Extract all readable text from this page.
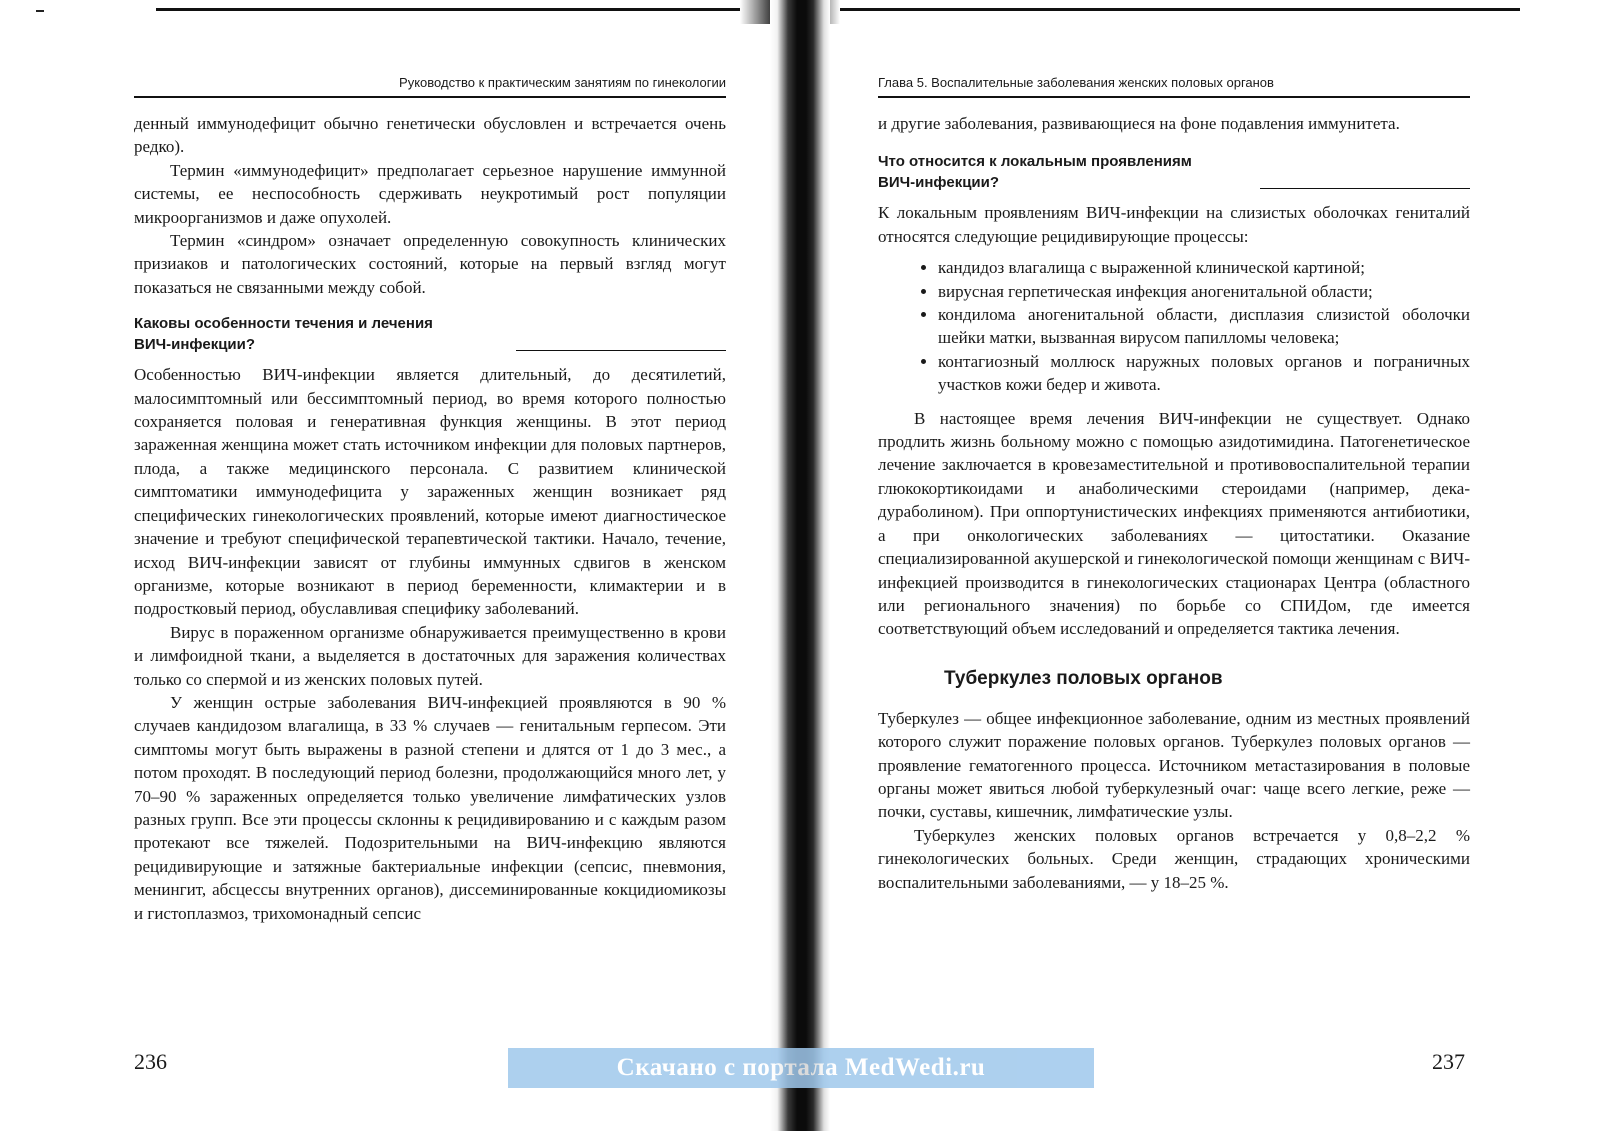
Руководство к практическим занятиям по гинекологии

денный иммунодефицит обычно генетически обусловлен и встречается очень редко).

Термин «иммунодефицит» предполагает серьезное нарушение иммунной системы, ее неспособность сдерживать неукротимый рост популяции микроорганизмов и даже опухолей.

Термин «синдром» означает определенную совокупность клинических призиаков и патологических состояний, которые на первый взгляд могут показаться не связанными между собой.

Каковы особенности течения и лечения
ВИЧ-инфекции?

Особенностью ВИЧ-инфекции является длительный, до десятилетий, малосимптомный или бессимптомный период, во время которого полностью сохраняется половая и генеративная функция женщины. В этот период зараженная женщина может стать источником инфекции для половых партнеров, плода, а также медицинского персонала. С развитием клинической симптоматики иммунодефицита у зараженных женщин возникает ряд специфических гинекологических проявлений, которые имеют диагностическое значение и требуют специфической терапевтической тактики. Начало, течение, исход ВИЧ-инфекции зависят от глубины иммунных сдвигов в женском организме, которые возникают в период беременности, климактерии и в подростковый период, обуславливая специфику заболеваний.

Вирус в пораженном организме обнаруживается преимущественно в крови и лимфоидной ткани, а выделяется в достаточных для заражения количествах только со спермой и из женских половых путей.

У женщин острые заболевания ВИЧ-инфекцией проявляются в 90 % случаев кандидозом влагалища, в 33 % случаев — генитальным герпесом. Эти симптомы могут быть выражены в разной степени и длятся от 1 до 3 мес., а потом проходят. В последующий период болезни, продолжающийся много лет, у 70–90 % зараженных определяется только увеличение лимфатических узлов разных групп. Все эти процессы склонны к рецидивированию и с каждым разом протекают все тяжелей. Подозрительными на ВИЧ-инфекцию являются рецидивирующие и затяжные бактериальные инфекции (сепсис, пневмония, менингит, абсцессы внутренних органов), диссеминированные кокцидиомикозы и гистоплазмоз, трихомонадный сепсис

236
Глава 5. Воспалительные заболевания женских половых органов

и другие заболевания, развивающиеся на фоне подавления иммунитета.

Что относится к локальным проявлениям
ВИЧ-инфекции?

К локальным проявлениям ВИЧ-инфекции на слизистых оболочках гениталий относятся следующие рецидивирующие процессы:

• кандидоз влагалища с выраженной клинической картиной;
• вирусная герпетическая инфекция аногенитальной области;
• кондилома аногенитальной области, дисплазия слизистой оболочки шейки матки, вызванная вирусом папилломы человека;
• контагиозный моллюск наружных половых органов и пограничных участков кожи бедер и живота.

В настоящее время лечения ВИЧ-инфекции не существует. Однако продлить жизнь больному можно с помощью азидотимидина. Патогенетическое лечение заключается в кровезаместительной и противовоспалительной терапии глюкокортикоидами и анаболическими стероидами (например, дека-дураболином). При оппортунистических инфекциях применяются антибиотики, а при онкологических заболеваниях — цитостатики. Оказание специализированной акушерской и гинекологической помощи женщинам с ВИЧ-инфекцией производится в гинекологических стационарах Центра (областного или регионального значения) по борьбе со СПИДом, где имеется соответствующий объем исследований и определяется тактика лечения.

Туберкулез половых органов

Туберкулез — общее инфекционное заболевание, одним из местных проявлений которого служит поражение половых органов. Туберкулез половых органов — проявление гематогенного процесса. Источником метастазирования в половые органы может явиться любой туберкулезный очаг: чаще всего легкие, реже — почки, суставы, кишечник, лимфатические узлы.

Туберкулез женских половых органов встречается у 0,8–2,2 % гинекологических больных. Среди женщин, страдающих хроническими воспалительными заболеваниями, — у 18–25 %.

237
Скачано с портала MedWedi.ru
